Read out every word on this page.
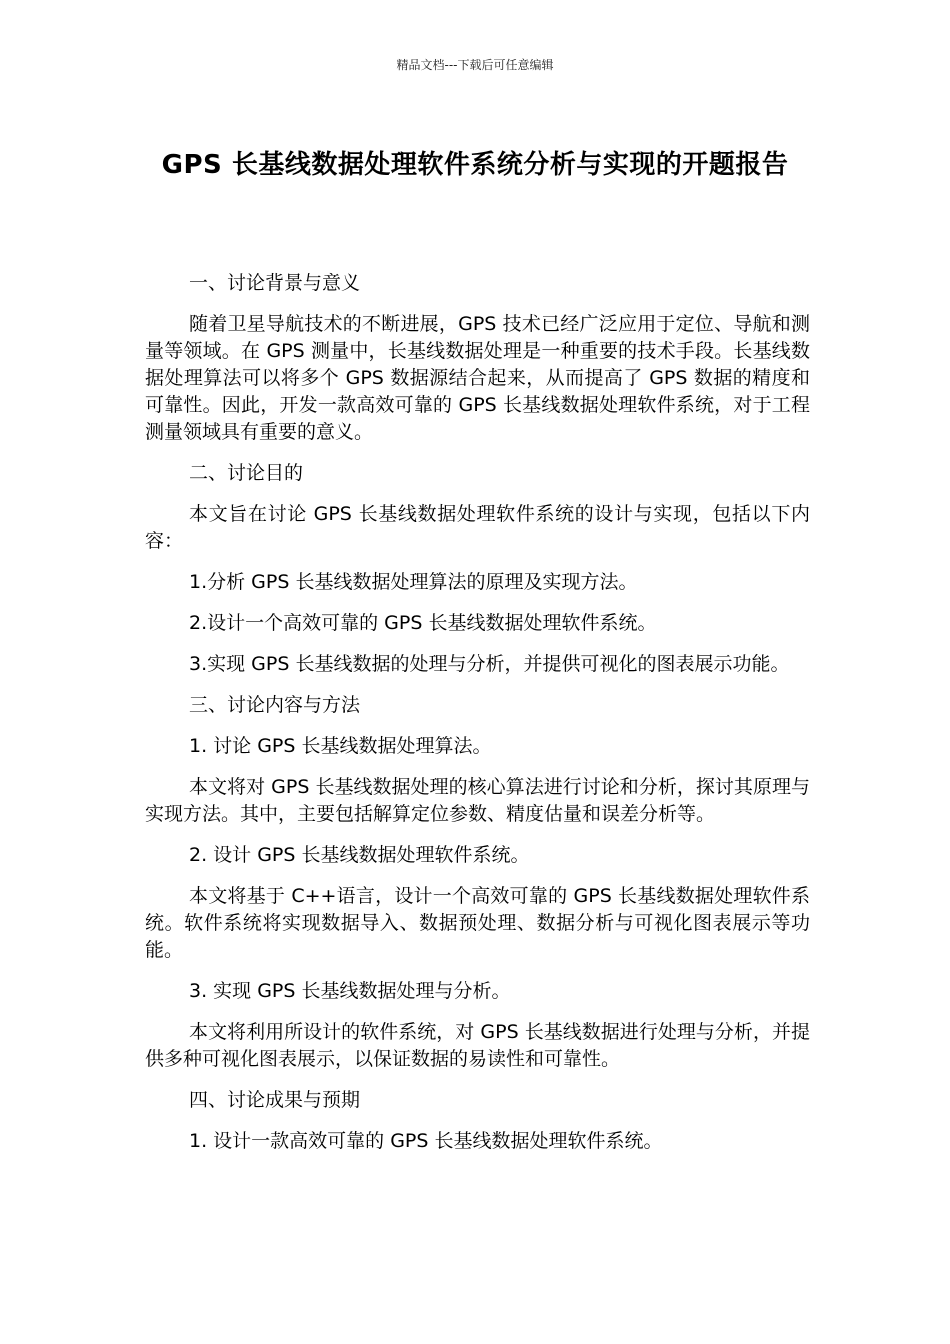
精品文档---下载后可任意编辑
GPS 长基线数据处理软件系统分析与实现的开题报告

一、讨论背景与意义

随着卫星导航技术的不断进展，GPS 技术已经广泛应用于定位、导航和测量等领域。在 GPS 测量中，长基线数据处理是一种重要的技术手段。长基线数据处理算法可以将多个 GPS 数据源结合起来，从而提高了 GPS 数据的精度和可靠性。因此，开发一款高效可靠的 GPS 长基线数据处理软件系统，对于工程测量领域具有重要的意义。

二、讨论目的

本文旨在讨论 GPS 长基线数据处理软件系统的设计与实现，包括以下内容：

1.分析 GPS 长基线数据处理算法的原理及实现方法。

2.设计一个高效可靠的 GPS 长基线数据处理软件系统。

3.实现 GPS 长基线数据的处理与分析，并提供可视化的图表展示功能。

三、讨论内容与方法

1. 讨论 GPS 长基线数据处理算法。

本文将对 GPS 长基线数据处理的核心算法进行讨论和分析，探讨其原理与实现方法。其中，主要包括解算定位参数、精度估量和误差分析等。

2. 设计 GPS 长基线数据处理软件系统。

本文将基于 C++语言，设计一个高效可靠的 GPS 长基线数据处理软件系统。软件系统将实现数据导入、数据预处理、数据分析与可视化图表展示等功能。

3. 实现 GPS 长基线数据处理与分析。

本文将利用所设计的软件系统，对 GPS 长基线数据进行处理与分析，并提供多种可视化图表展示，以保证数据的易读性和可靠性。

四、讨论成果与预期

1. 设计一款高效可靠的 GPS 长基线数据处理软件系统。
